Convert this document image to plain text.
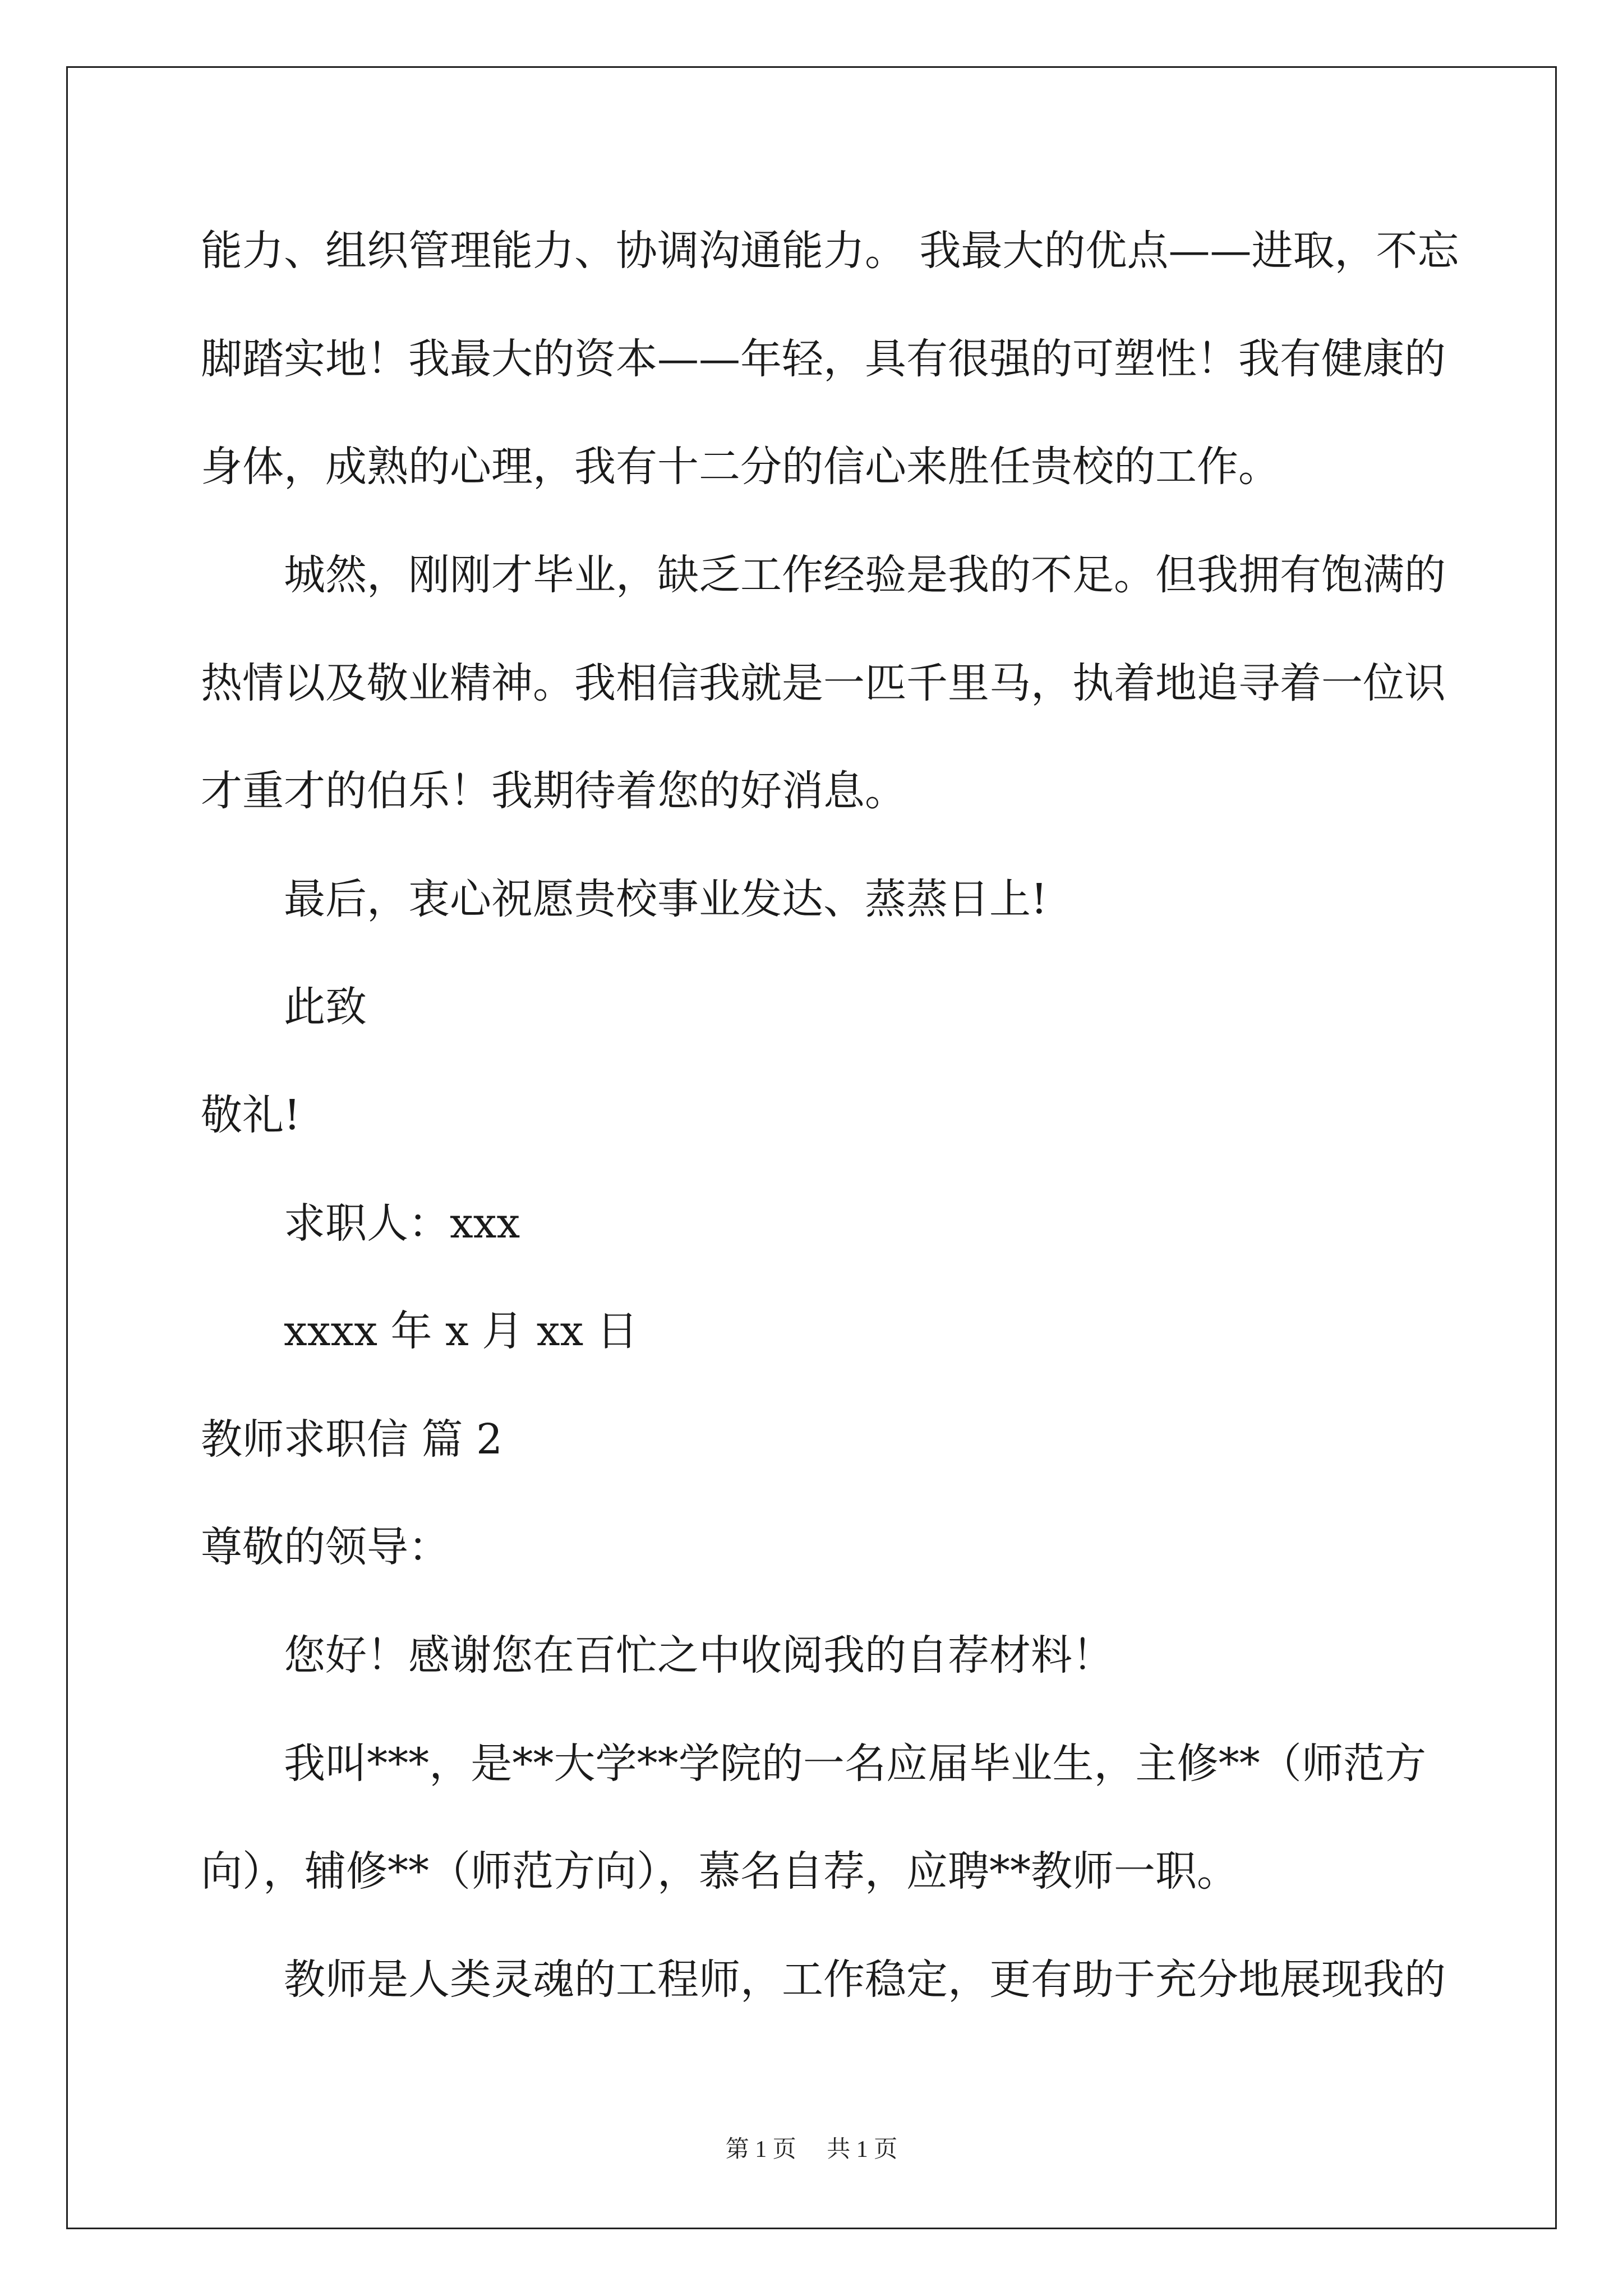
能力、组织管理能力、协调沟通能力。 我最大的优点——进取，不忘
脚踏实地！我最大的资本——年轻，具有很强的可塑性！我有健康的
身体，成熟的心理，我有十二分的信心来胜任贵校的工作。
城然，刚刚才毕业，缺乏工作经验是我的不足。但我拥有饱满的
热情以及敬业精神。我相信我就是一匹千里马，执着地追寻着一位识
才重才的伯乐！我期待着您的好消息。
最后，衷心祝愿贵校事业发达、蒸蒸日上!
此致
敬礼!
求职人：xxx
xxxx 年 x 月 xx 日
教师求职信 篇 2
尊敬的领导：
您好！感谢您在百忙之中收阅我的自荐材料！
我叫***，是**大学**学院的一名应届毕业生，主修**（师范方
向），辅修**（师范方向），慕名自荐，应聘**教师一职。
教师是人类灵魂的工程师，工作稳定，更有助于充分地展现我的
第 1 页 共 1 页
